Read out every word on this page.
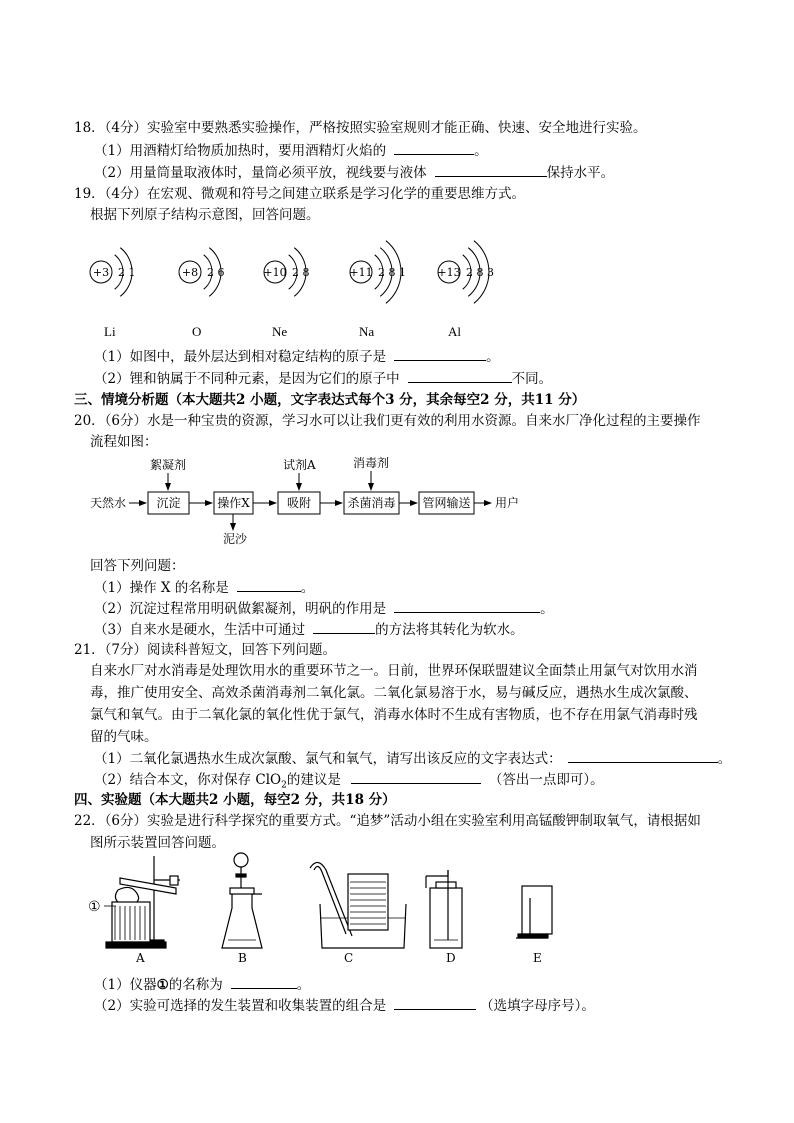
18．（4分）实验室中要熟悉实验操作，严格按照实验室规则才能正确、快速、安全地进行实验。
（1）用酒精灯给物质加热时，要用酒精灯火焰的	。
（2）用量筒量取液体时，量筒必须平放，视线要与液体	保持水平。
19．（4分）在宏观、微观和符号之间建立联系是学习化学的重要思维方式。
根据下列原子结构示意图，回答问题。
+3 2 1	+8 2 6	+10 2 8	+11 2 8 1	+13 2 8 3
Li	O	Ne	Na	Al
（1）如图中，最外层达到相对稳定结构的原子是	。
（2）锂和钠属于不同种元素，是因为它们的原子中	不同。
三、情境分析题（本大题共2 小题，文字表达式每个3 分，其余每空2 分，共11 分）
20．（6分）水是一种宝贵的资源，学习水可以让我们更有效的利用水资源。自来水厂净化过程的主要操作
流程如图：
天然水	沉淀	操作X	吸附	杀菌消毒 管网输送 用户
絮凝剂	试剂A	消毒剂
泥沙
回答下列问题：
（1）操作 X 的名称是	。
（2）沉淀过程常用明矾做絮凝剂，明矾的作用是	。
（3）自来水是硬水，生活中可通过	的方法将其转化为软水。
21．（7分）阅读科普短文，回答下列问题。
自来水厂对水消毒是处理饮用水的重要环节之一。日前，世界环保联盟建议全面禁止用氯气对饮用水消
毒，推广使用安全、高效杀菌消毒剂二氧化氯。二氧化氯易溶于水，易与碱反应，遇热水生成次氯酸、
氯气和氧气。由于二氧化氯的氧化性优于氯气，消毒水体时不生成有害物质，也不存在用氯气消毒时残
留的气味。
（1）二氧化氯遇热水生成次氯酸、氯气和氧气，请写出该反应的文字表达式：	。
（2）结合本文，你对保存 ClO$_2$的建议是	（答出一点即可）。
四、实验题（本大题共2 小题，每空2 分，共18 分）
22．（6分）实验是进行科学探究的重要方式。“追梦”活动小组在实验室利用高锰酸钾制取氧气，请根据如
图所示装置回答问题。
①
A	B	C	D	E
（1）仪器①的名称为	。
（2）实验可选择的发生装置和收集装置的组合是	（选填字母序号）。
